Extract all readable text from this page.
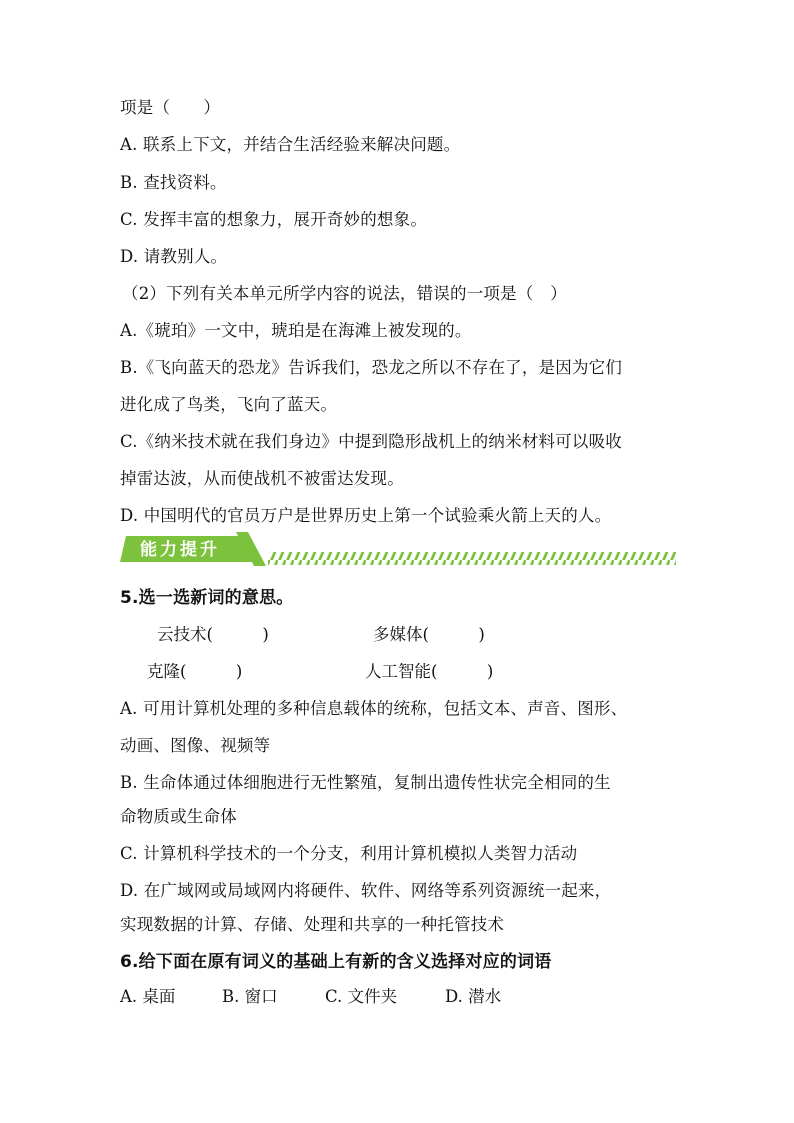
项是（　　）
A. 联系上下文，并结合生活经验来解决问题。
B. 查找资料。
C. 发挥丰富的想象力，展开奇妙的想象。
D. 请教别人。
（2）下列有关本单元所学内容的说法，错误的一项是（　）
A.《琥珀》一文中，琥珀是在海滩上被发现的。
B.《飞向蓝天的恐龙》告诉我们，恐龙之所以不存在了，是因为它们
进化成了鸟类，飞向了蓝天。
C.《纳米技术就在我们身边》中提到隐形战机上的纳米材料可以吸收
掉雷达波，从而使战机不被雷达发现。
D. 中国明代的官员万户是世界历史上第一个试验乘火箭上天的人。
能力提升
5.选一选新词的意思。
云技术(　　　)	多媒体(　　　)
克隆(　　　)	人工智能(　　　)
A. 可用计算机处理的多种信息载体的统称，包括文本、声音、图形、
动画、图像、视频等
B. 生命体通过体细胞进行无性繁殖，复制出遗传性状完全相同的生
命物质或生命体
C. 计算机科学技术的一个分支，利用计算机模拟人类智力活动
D. 在广域网或局域网内将硬件、软件、网络等系列资源统一起来，
实现数据的计算、存储、处理和共享的一种托管技术
6.给下面在原有词义的基础上有新的含义选择对应的词语
A. 桌面	B. 窗口	C. 文件夹	D. 潜水
